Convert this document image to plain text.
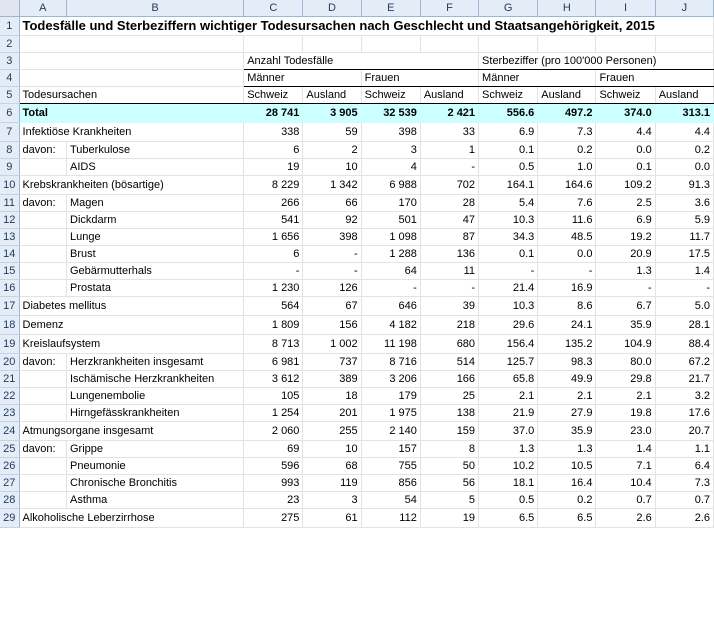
	A	B	C	D	E	F	G	H	I	J
1	Todesfälle und Sterbeziffern wichtiger Todesursachen nach Geschlecht und Staatsangehörigkeit, 2015									
2										
3			Anzahl Todesfälle				Sterbeziffer (pro 100'000 Personen)			
4			Männer		Frauen		Männer		Frauen	
5	Todesursachen		Schweiz	Ausland	Schweiz	Ausland	Schweiz	Ausland	Schweiz	Ausland
6	Total		28 741	3 905	32 539	2 421	556.6	497.2	374.0	313.1
7	Infektiöse Krankheiten		338	59	398	33	6.9	7.3	4.4	4.4
8	davon:	Tuberkulose	6	2	3	1	0.1	0.2	0.0	0.2
9		AIDS	19	10	4	-	0.5	1.0	0.1	0.0
10	Krebskrankheiten (bösartige)		8 229	1 342	6 988	702	164.1	164.6	109.2	91.3
11	davon:	Magen	266	66	170	28	5.4	7.6	2.5	3.6
12		Dickdarm	541	92	501	47	10.3	11.6	6.9	5.9
13		Lunge	1 656	398	1 098	87	34.3	48.5	19.2	11.7
14		Brust	6	-	1 288	136	0.1	0.0	20.9	17.5
15		Gebärmutterhals	-	-	64	11	-	-	1.3	1.4
16		Prostata	1 230	126	-	-	21.4	16.9	-	-
17	Diabetes mellitus		564	67	646	39	10.3	8.6	6.7	5.0
18	Demenz		1 809	156	4 182	218	29.6	24.1	35.9	28.1
19	Kreislaufsystem		8 713	1 002	11 198	680	156.4	135.2	104.9	88.4
20	davon:	Herzkrankheiten insgesamt	6 981	737	8 716	514	125.7	98.3	80.0	67.2
21		Ischämische Herzkrankheiten	3 612	389	3 206	166	65.8	49.9	29.8	21.7
22		Lungenembolie	105	18	179	25	2.1	2.1	2.1	3.2
23		Hirngefässkrankheiten	1 254	201	1 975	138	21.9	27.9	19.8	17.6
24	Atmungsorgane insgesamt		2 060	255	2 140	159	37.0	35.9	23.0	20.7
25	davon:	Grippe	69	10	157	8	1.3	1.3	1.4	1.1
26		Pneumonie	596	68	755	50	10.2	10.5	7.1	6.4
27		Chronische Bronchitis	993	119	856	56	18.1	16.4	10.4	7.3
28		Asthma	23	3	54	5	0.5	0.2	0.7	0.7
29	Alkoholische Leberzirrhose		275	61	112	19	6.5	6.5	2.6	2.6
